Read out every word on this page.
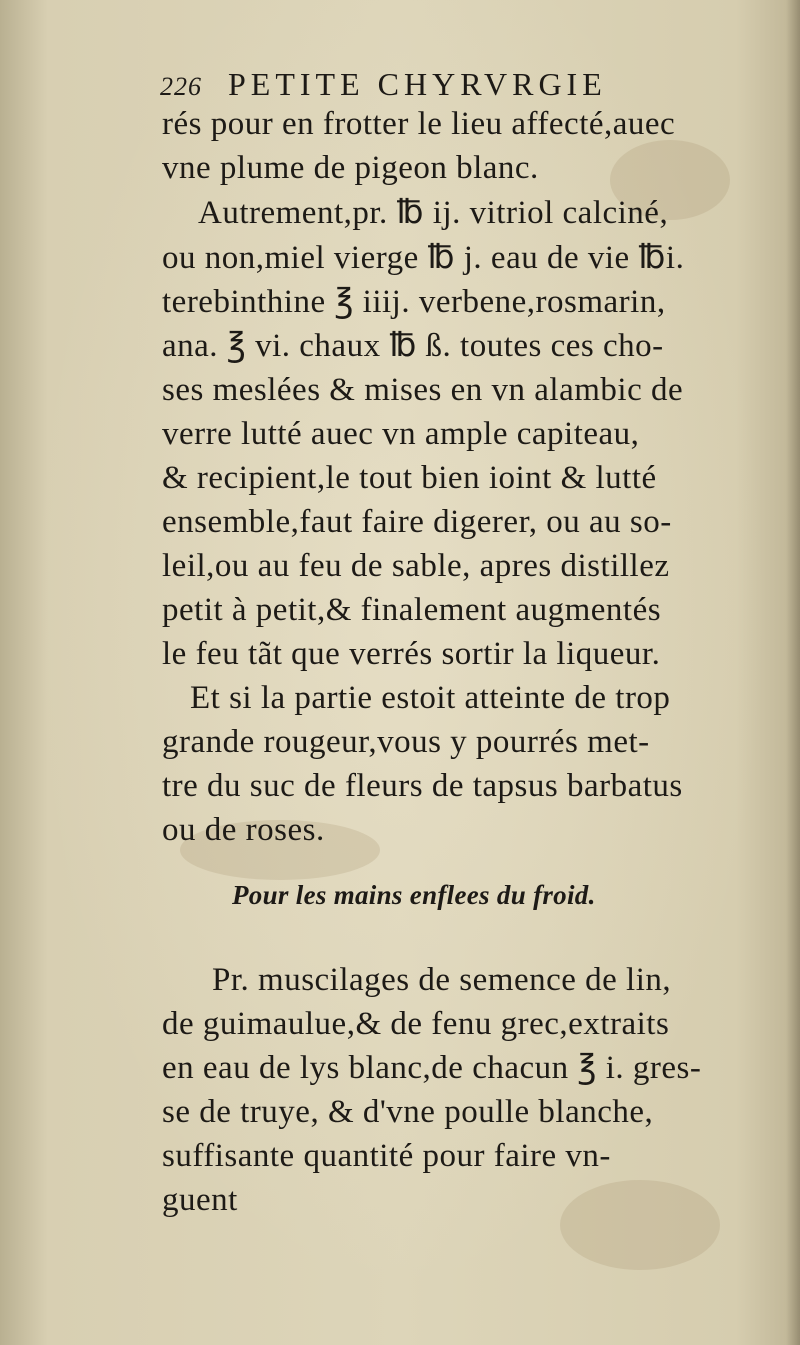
226 PETITE CHYRVRGIE
rés pour en frotter le lieu affecté,auec
vne plume de pigeon blanc.
Autrement,pr. ℔ ij. vitriol calciné,
ou non,miel vierge ℔ j. eau de vie ℔i.
terebinthine ℥ iiij. verbene,rosmarin,
ana. ℥ vi. chaux ℔ ß. toutes ces cho-
ses meslées & mises en vn alambic de
verre lutté auec vn ample capiteau,
& recipient,le tout bien ioint & lutté
ensemble,faut faire digerer, ou au so-
leil,ou au feu de sable, apres distillez
petit à petit,& finalement augmentés
le feu tãt que verrés sortir la liqueur.
Et si la partie estoit atteinte de trop
grande rougeur,vous y pourrés met-
tre du suc de fleurs de tapsus barbatus
ou de roses.
Pour les mains enflees du froid.
Pr. muscilages de semence de lin,
de guimaulue,& de fenu grec,extraits
en eau de lys blanc,de chacun ℥ i. gres-
se de truye, & d'vne poulle blanche,
suffisante quantité pour faire vn-
guent
